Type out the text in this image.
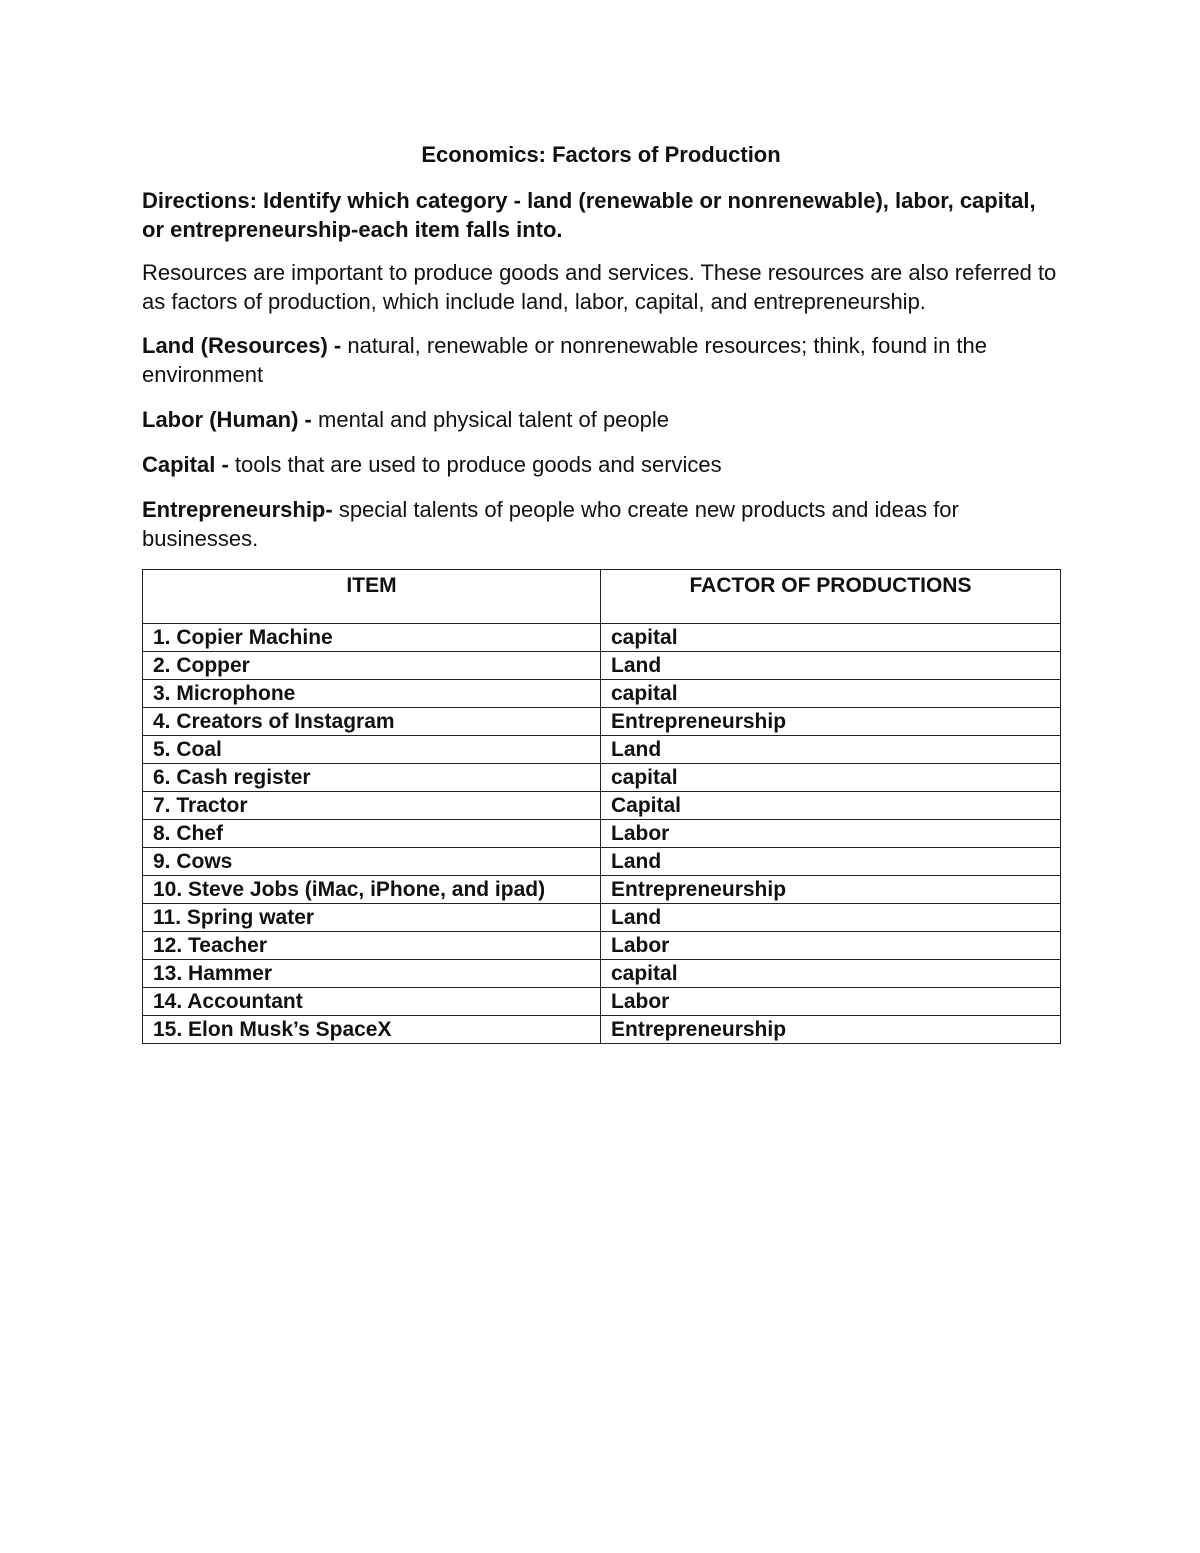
Economics: Factors of Production
Directions: Identify which category - land (renewable or nonrenewable), labor, capital, or entrepreneurship-each item falls into.
Resources are important to produce goods and services. These resources are also referred to as factors of production, which include land, labor, capital, and entrepreneurship.
Land (Resources) - natural, renewable or nonrenewable resources; think, found in the environment
Labor (Human) - mental and physical talent of people
Capital - tools that are used to produce goods and services
Entrepreneurship- special talents of people who create new products and ideas for businesses.
ITEM	FACTOR OF PRODUCTIONS
1. Copier Machine	capital
2. Copper	Land
3. Microphone	capital
4. Creators of Instagram	Entrepreneurship
5. Coal	Land
6. Cash register	capital
7. Tractor	Capital
8. Chef	Labor
9. Cows	Land
10. Steve Jobs (iMac, iPhone, and ipad)	Entrepreneurship
11. Spring water	Land
12. Teacher	Labor
13. Hammer	capital
14. Accountant	Labor
15. Elon Musk’s SpaceX	Entrepreneurship
